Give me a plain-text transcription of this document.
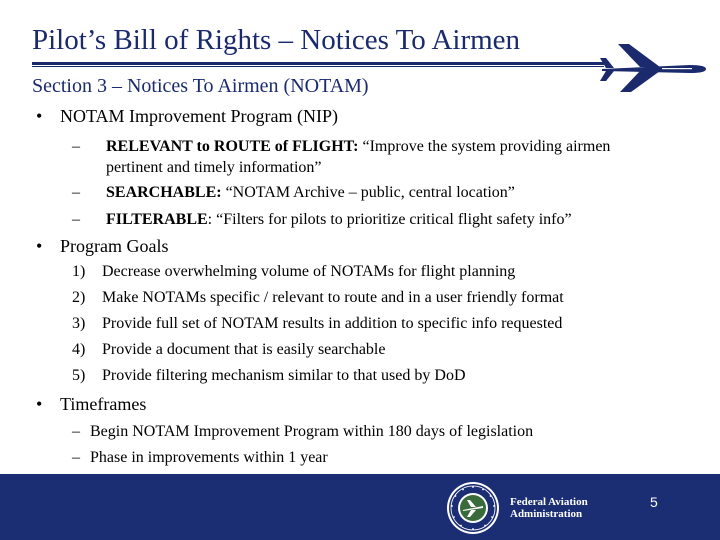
Pilot’s Bill of Rights – Notices To Airmen
Section 3 – Notices To Airmen (NOTAM)
• NOTAM Improvement Program (NIP)
– RELEVANT to ROUTE of FLIGHT: “Improve the system providing airmen
pertinent and timely information”
– SEARCHABLE: “NOTAM Archive – public, central location”
– FILTERABLE: “Filters for pilots to prioritize critical flight safety info”
• Program Goals
1) Decrease overwhelming volume of NOTAMs for flight planning
2) Make NOTAMs specific / relevant to route and in a user friendly format
3) Provide full set of NOTAM results in addition to specific info requested
4) Provide a document that is easily searchable
5) Provide filtering mechanism similar to that used by DoD
• Timeframes
– Begin NOTAM Improvement Program within 180 days of legislation
– Phase in improvements within 1 year
Federal Aviation
Administration
5
